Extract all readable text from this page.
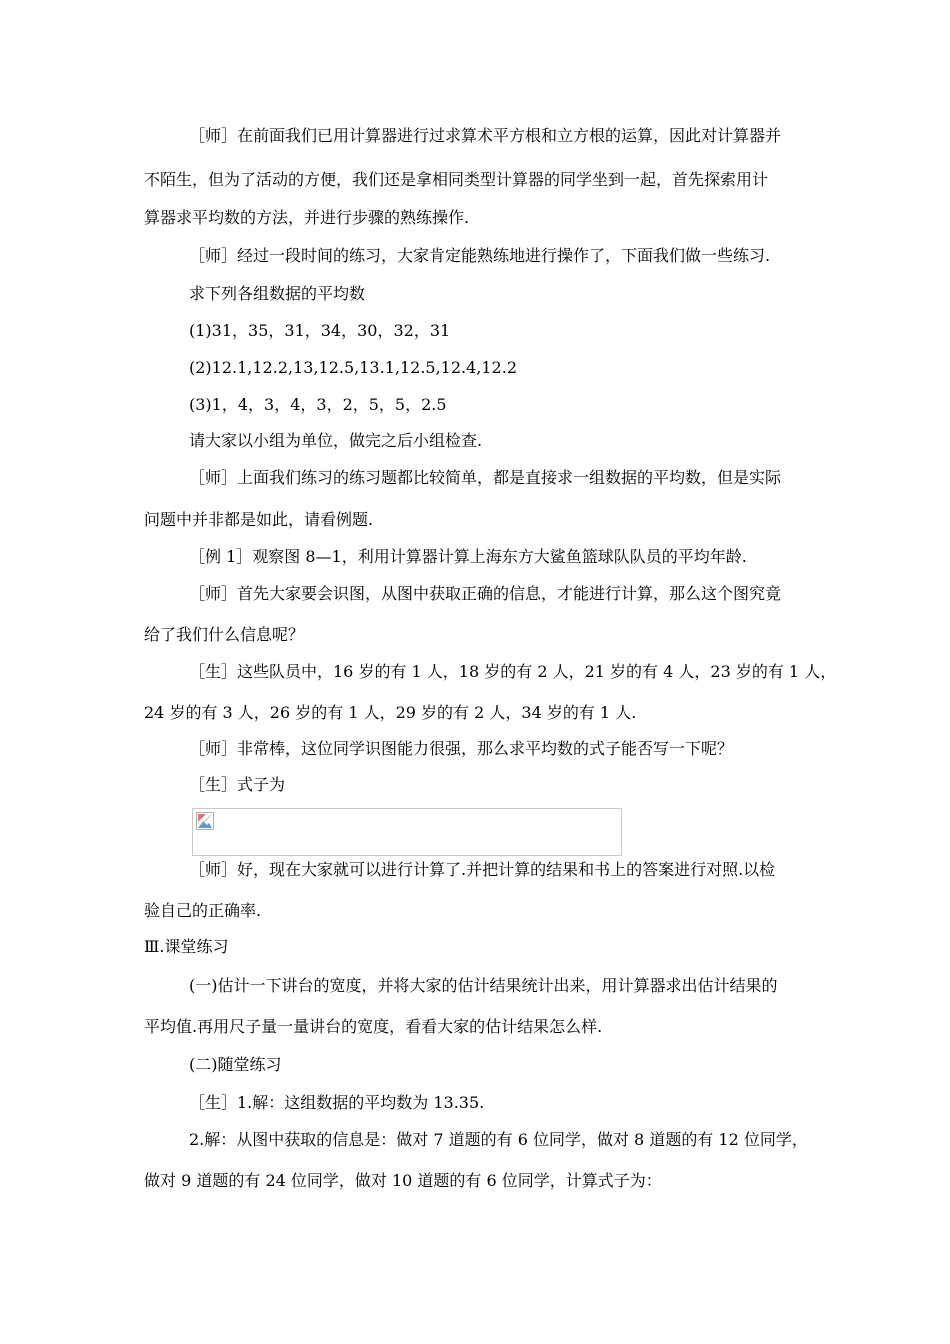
［师］在前面我们已用计算器进行过求算术平方根和立方根的运算，因此对计算器并
不陌生，但为了活动的方便，我们还是拿相同类型计算器的同学坐到一起，首先探索用计
算器求平均数的方法，并进行步骤的熟练操作.
［师］经过一段时间的练习，大家肯定能熟练地进行操作了，下面我们做一些练习.
求下列各组数据的平均数
(1)31，35，31，34，30，32，31
(2)12.1,12.2,13,12.5,13.1,12.5,12.4,12.2
(3)1，4，3，4，3，2，5，5，2.5
请大家以小组为单位，做完之后小组检查.
［师］上面我们练习的练习题都比较简单，都是直接求一组数据的平均数，但是实际
问题中并非都是如此，请看例题.
［例 1］观察图 8—1，利用计算器计算上海东方大鲨鱼篮球队队员的平均年龄.
［师］首先大家要会识图，从图中获取正确的信息，才能进行计算，那么这个图究竟
给了我们什么信息呢？
［生］这些队员中，16 岁的有 1 人，18 岁的有 2 人，21 岁的有 4 人，23 岁的有 1 人，
24 岁的有 3 人，26 岁的有 1 人，29 岁的有 2 人，34 岁的有 1 人.
［师］非常棒，这位同学识图能力很强，那么求平均数的式子能否写一下呢？
［生］式子为
［师］好，现在大家就可以进行计算了.并把计算的结果和书上的答案进行对照.以检
验自己的正确率.
Ⅲ.课堂练习
(一)估计一下讲台的宽度，并将大家的估计结果统计出来，用计算器求出估计结果的
平均值.再用尺子量一量讲台的宽度，看看大家的估计结果怎么样.
(二)随堂练习
［生］1.解：这组数据的平均数为 13.35.
2.解：从图中获取的信息是：做对 7 道题的有 6 位同学，做对 8 道题的有 12 位同学，
做对 9 道题的有 24 位同学，做对 10 道题的有 6 位同学，计算式子为：
